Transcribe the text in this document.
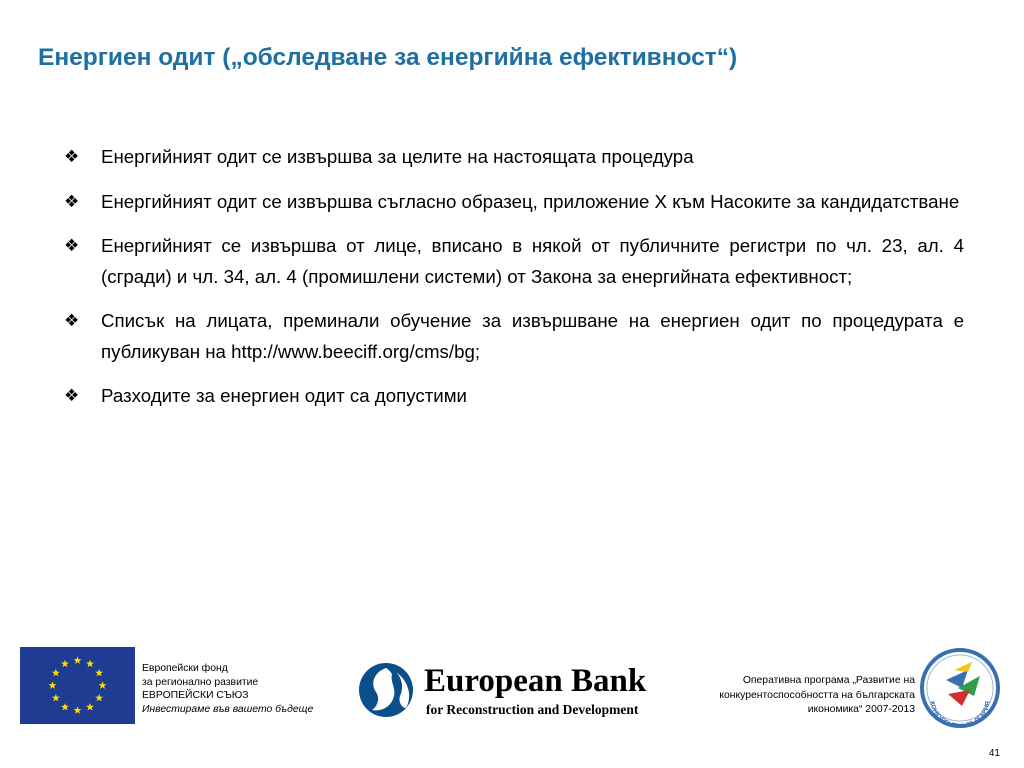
Енергиен одит („обследване за енергийна ефективност“)
❖ Енергийният одит се извършва за целите на настоящата процедура
❖ Енергийният одит се извършва съгласно образец, приложение Х към Насоките за кандидатстване
❖ Енергийният се извършва от лице, вписано в някой от публичните регистри по чл. 23, ал. 4 (сгради) и чл. 34, ал. 4 (промишлени системи) от Закона за енергийната ефективност;
❖ Списък на лицата, преминали обучение за извършване на енергиен одит по процедурата е публикуван на http://www.beeciff.org/cms/bg;
❖ Разходите за енергиен одит са допустими
Европейски фонд
за регионално развитие
ЕВРОПЕЙСКИ СЪЮЗ
Инвестираме във вашето бъдеще
European Bank
for Reconstruction and Development
Оперативна програма „Развитие на
конкурентоспособността на българската
икономика“ 2007-2013
КОНКУРЕНТНА БЪЛГАРИЯ
41
